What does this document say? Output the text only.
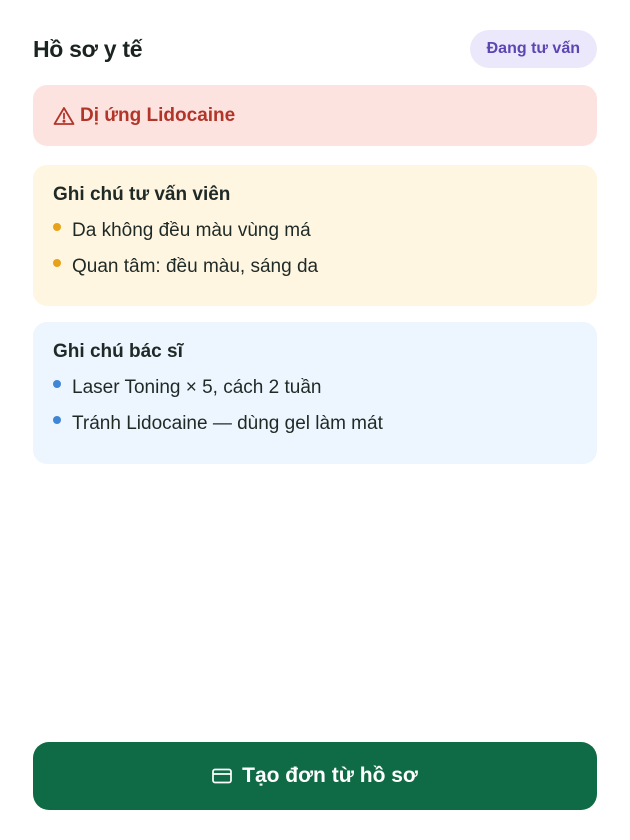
Hồ sơ y tế	Đang tư vấn
Dị ứng Lidocaine
Ghi chú tư vấn viên
Da không đều màu vùng má
Quan tâm: đều màu, sáng da
Ghi chú bác sĩ
Laser Toning × 5, cách 2 tuần
Tránh Lidocaine — dùng gel làm mát
Tạo đơn từ hồ sơ
